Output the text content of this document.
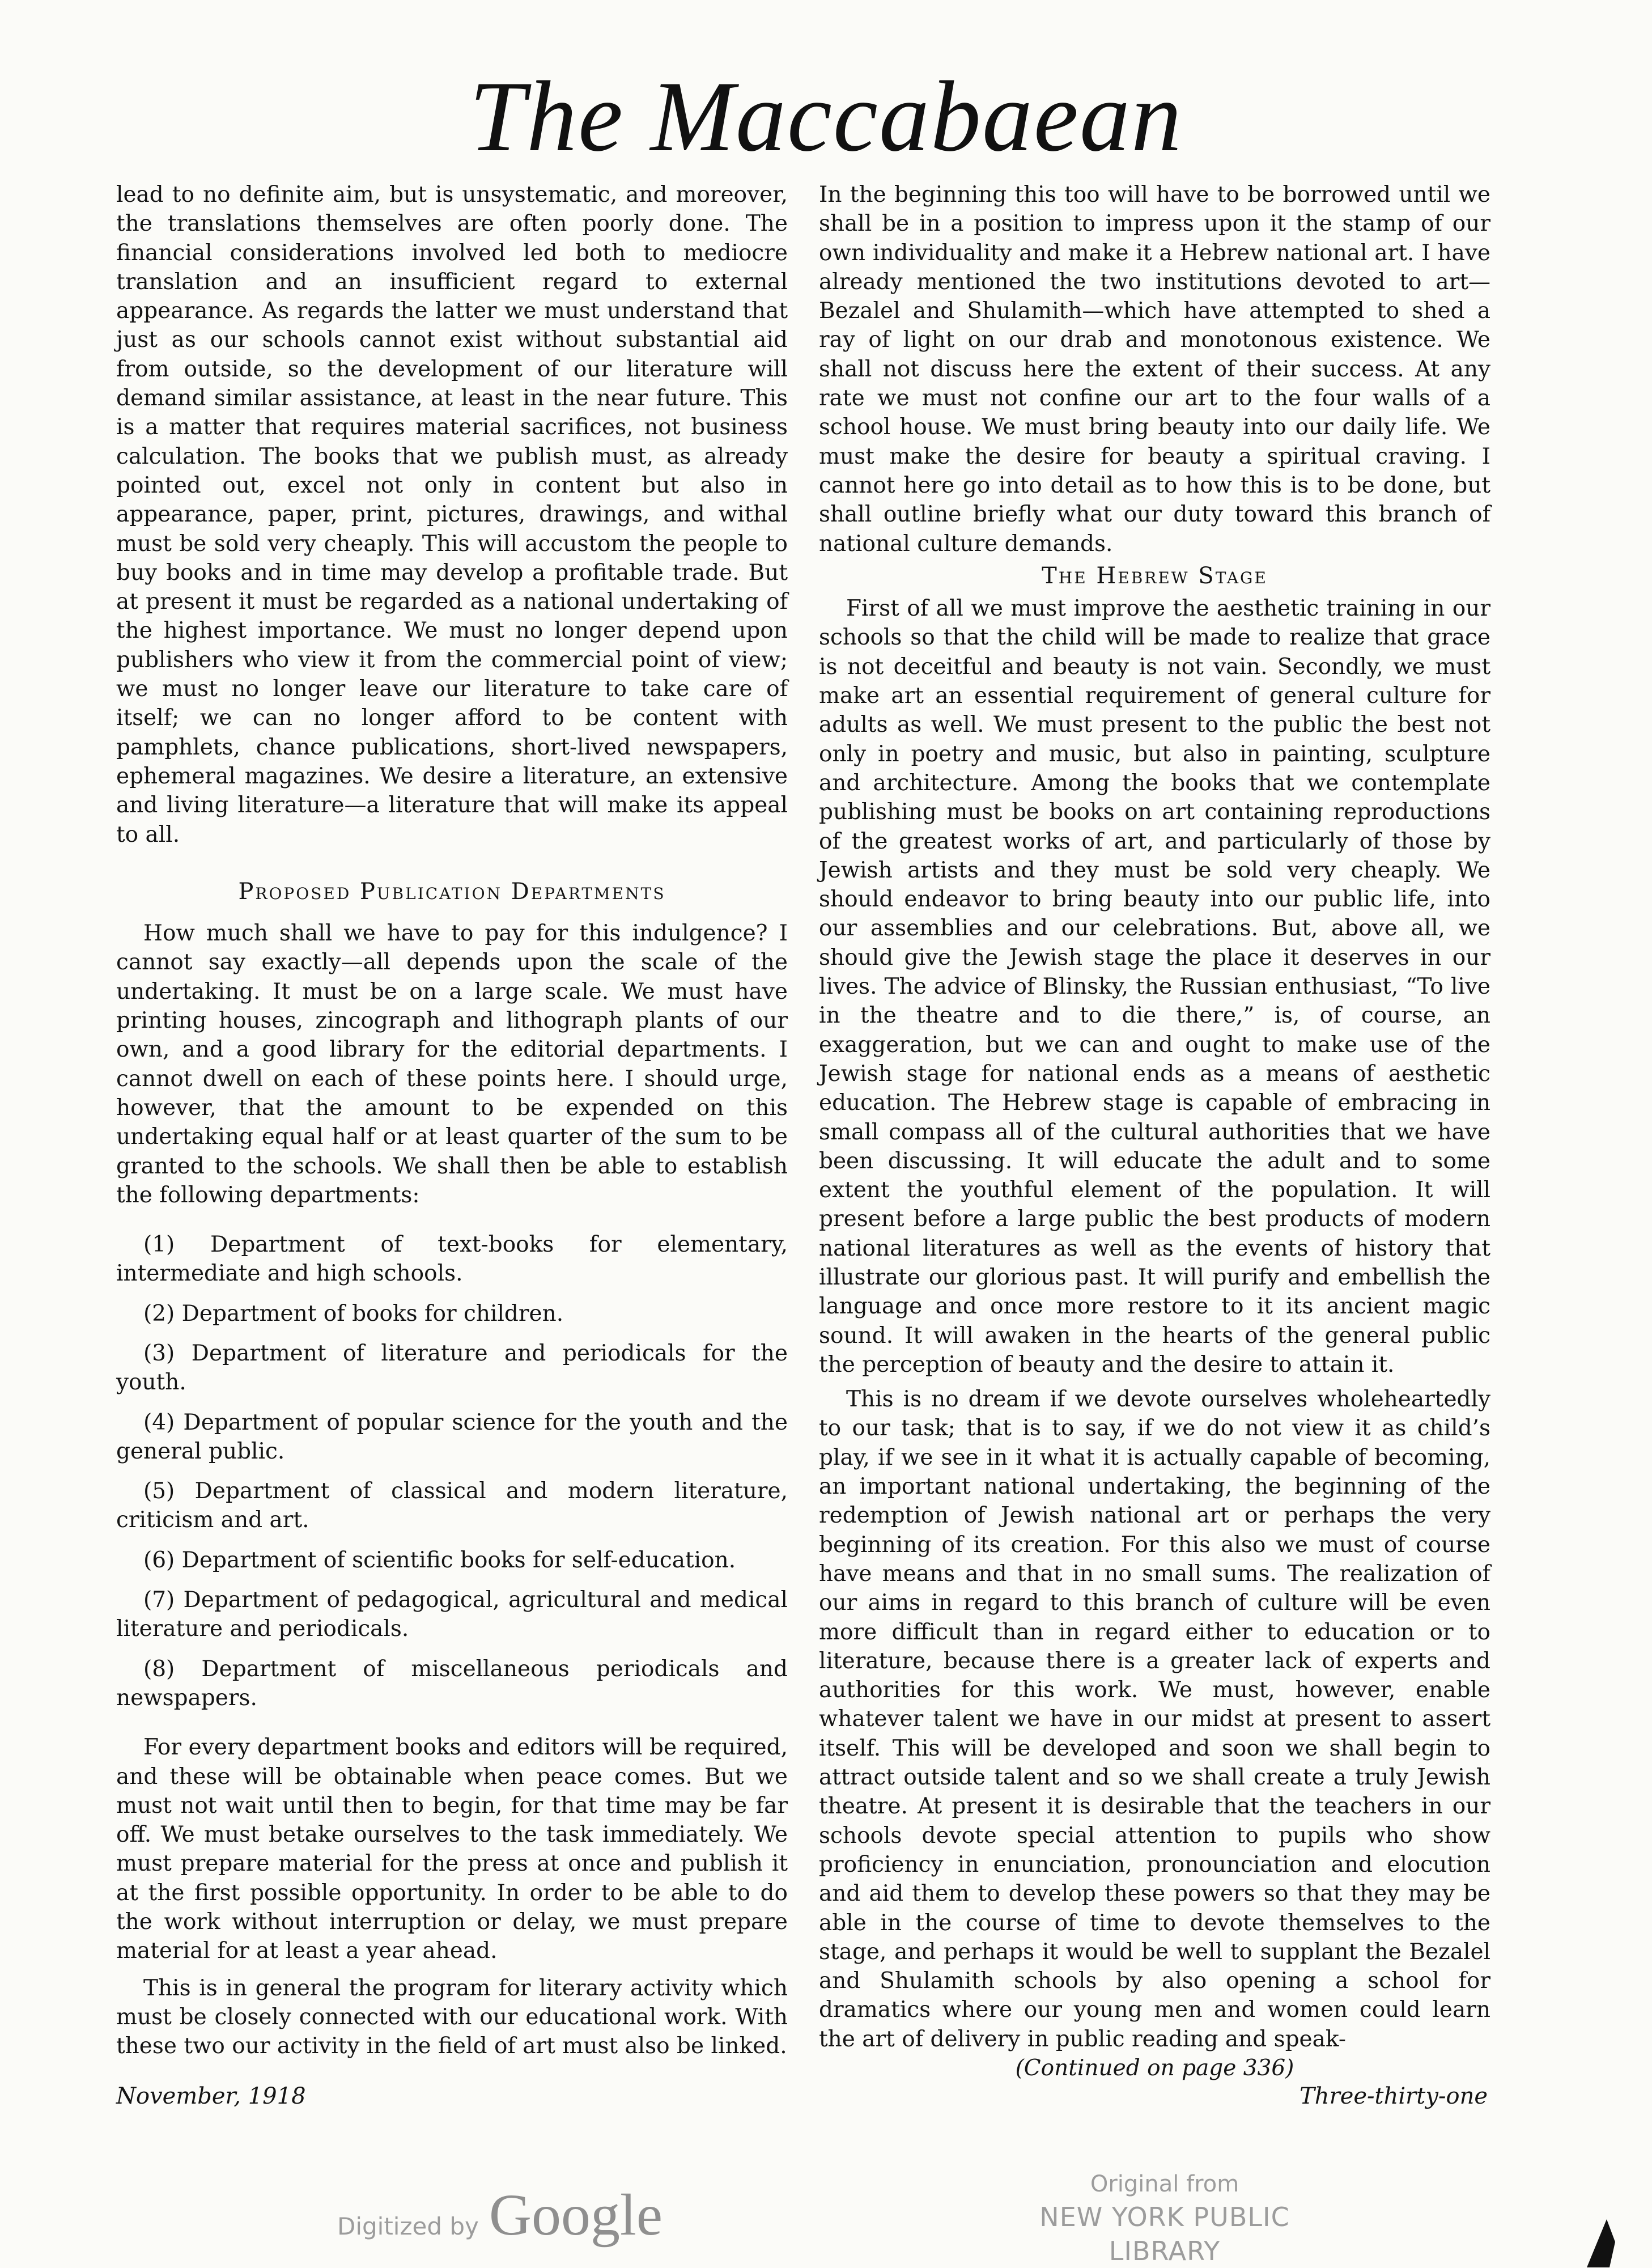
The Maccabaean

lead to no definite aim, but is unsystematic, and moreover, the translations themselves are often poorly done. The financial considerations involved led both to mediocre translation and an insufficient regard to external appearance. As regards the latter we must understand that just as our schools cannot exist without substantial aid from outside, so the development of our literature will demand similar assistance, at least in the near future. This is a matter that requires material sacrifices, not business calculation. The books that we publish must, as already pointed out, excel not only in content but also in appearance, paper, print, pictures, drawings, and withal must be sold very cheaply. This will accustom the people to buy books and in time may develop a profitable trade. But at present it must be regarded as a national undertaking of the highest importance. We must no longer depend upon publishers who view it from the commercial point of view; we must no longer leave our literature to take care of itself; we can no longer afford to be content with pamphlets, chance publications, short-lived newspapers, ephemeral magazines. We desire a literature, an extensive and living literature—a literature that will make its appeal to all.

Proposed Publication Departments

How much shall we have to pay for this indulgence? I cannot say exactly—all depends upon the scale of the undertaking. It must be on a large scale. We must have printing houses, zincograph and lithograph plants of our own, and a good library for the editorial departments. I cannot dwell on each of these points here. I should urge, however, that the amount to be expended on this undertaking equal half or at least quarter of the sum to be granted to the schools. We shall then be able to establish the following departments:

(1) Department of text-books for elementary, intermediate and high schools.

(2) Department of books for children.

(3) Department of literature and periodicals for the youth.

(4) Department of popular science for the youth and the general public.

(5) Department of classical and modern literature, criticism and art.

(6) Department of scientific books for self-education.

(7) Department of pedagogical, agricultural and medical literature and periodicals.

(8) Department of miscellaneous periodicals and newspapers.

For every department books and editors will be required, and these will be obtainable when peace comes. But we must not wait until then to begin, for that time may be far off. We must betake ourselves to the task immediately. We must prepare material for the press at once and publish it at the first possible opportunity. In order to be able to do the work without interruption or delay, we must prepare material for at least a year ahead.

This is in general the program for literary activity which must be closely connected with our educational work. With these two our activity in the field of art must also be linked.

In the beginning this too will have to be borrowed until we shall be in a position to impress upon it the stamp of our own individuality and make it a Hebrew national art. I have already mentioned the two institutions devoted to art—Bezalel and Shulamith—which have attempted to shed a ray of light on our drab and monotonous existence. We shall not discuss here the extent of their success. At any rate we must not confine our art to the four walls of a school house. We must bring beauty into our daily life. We must make the desire for beauty a spiritual craving. I cannot here go into detail as to how this is to be done, but shall outline briefly what our duty toward this branch of national culture demands.

The Hebrew Stage

First of all we must improve the aesthetic training in our schools so that the child will be made to realize that grace is not deceitful and beauty is not vain. Secondly, we must make art an essential requirement of general culture for adults as well. We must present to the public the best not only in poetry and music, but also in painting, sculpture and architecture. Among the books that we contemplate publishing must be books on art containing reproductions of the greatest works of art, and particularly of those by Jewish artists and they must be sold very cheaply. We should endeavor to bring beauty into our public life, into our assemblies and our celebrations. But, above all, we should give the Jewish stage the place it deserves in our lives. The advice of Blinsky, the Russian enthusiast, “To live in the theatre and to die there,” is, of course, an exaggeration, but we can and ought to make use of the Jewish stage for national ends as a means of aesthetic education. The Hebrew stage is capable of embracing in small compass all of the cultural authorities that we have been discussing. It will educate the adult and to some extent the youthful element of the population. It will present before a large public the best products of modern national literatures as well as the events of history that illustrate our glorious past. It will purify and embellish the language and once more restore to it its ancient magic sound. It will awaken in the hearts of the general public the perception of beauty and the desire to attain it.

This is no dream if we devote ourselves wholeheartedly to our task; that is to say, if we do not view it as child’s play, if we see in it what it is actually capable of becoming, an important national undertaking, the beginning of the redemption of Jewish national art or perhaps the very beginning of its creation. For this also we must of course have means and that in no small sums. The realization of our aims in regard to this branch of culture will be even more difficult than in regard either to education or to literature, because there is a greater lack of experts and authorities for this work. We must, however, enable whatever talent we have in our midst at present to assert itself. This will be developed and soon we shall begin to attract outside talent and so we shall create a truly Jewish theatre. At present it is desirable that the teachers in our schools devote special attention to pupils who show proficiency in enunciation, pronounciation and elocution and aid them to develop these powers so that they may be able in the course of time to devote themselves to the stage, and perhaps it would be well to supplant the Bezalel and Shulamith schools by also opening a school for dramatics where our young men and women could learn the art of delivery in public reading and speak-

(Continued on page 336)

November, 1918	Three-thirty-one
Digitized by Google	Original from
NEW YORK PUBLIC LIBRARY
